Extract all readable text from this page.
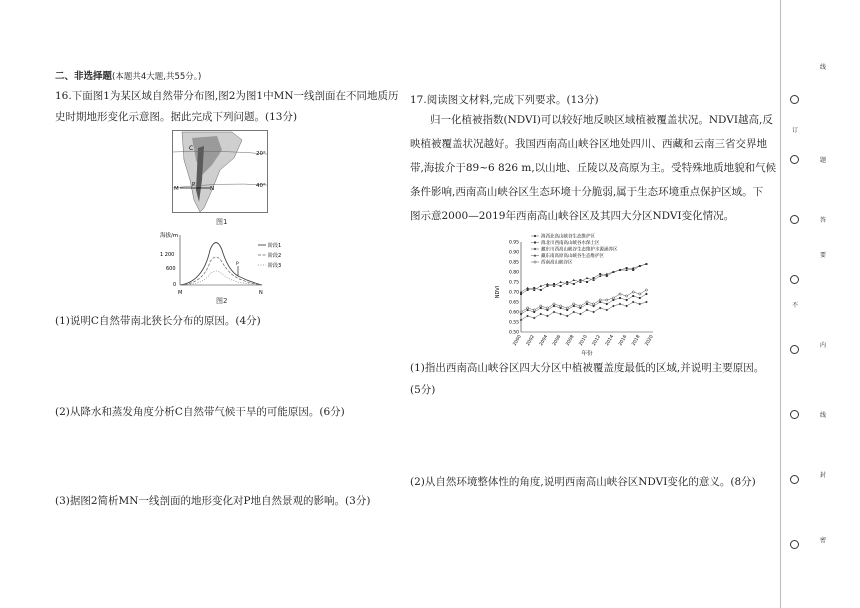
二、非选择题(本题共4大题,共55分。)
16.下面图1为某区域自然带分布图,图2为图1中MN一线剖面在不同地质历
史时期地形变化示意图。据此完成下列问题。(13分)
C
20°
40°
M
P
N
图1
海拔/m
1 200
600
0
P
M	N
阶段1
阶段2
阶段3
图2
(1)说明C自然带南北狭长分布的原因。(4分)
(2)从降水和蒸发角度分析C自然带气候干旱的可能原因。(6分)
(3)据图2简析MN一线剖面的地形变化对P地自然景观的影响。(3分)
17.阅读图文材料,完成下列要求。(13分)
归一化植被指数(NDVI)可以较好地反映区域植被覆盖状况。NDVI越高,反
映植被覆盖状况越好。我国西南高山峡谷区地处四川、西藏和云南三省交界地
带,海拔介于89~6 826 m,以山地、丘陵以及高原为主。受特殊地质地貌和气候
条件影响,西南高山峡谷区生态环境十分脆弱,属于生态环境重点保护区域。下
图示意2000—2019年西南高山峡谷区及其四大分区NDVI变化情况。
滇西北高山峡谷生态维护区
滇北川西南高山峡谷水保土区
藏东川西高山峡谷生态维护水源涵养区
藏东南高原高山峡谷生态维护区
西南高山峡谷区
0.95
0.90
0.85
0.80
0.75
0.70
0.65
0.60
0.55
0.50
2000 2002 2004 2006 2008 2010 2012 2014 2016 2018 2020
NDVI
年份
(1)指出西南高山峡谷区四大分区中植被覆盖度最低的区域,并说明主要原因。
(5分)
(2)从自然环境整体性的角度,说明西南高山峡谷区NDVI变化的意义。(8分)
线
订
题
答
要
不
内
线
封
密
